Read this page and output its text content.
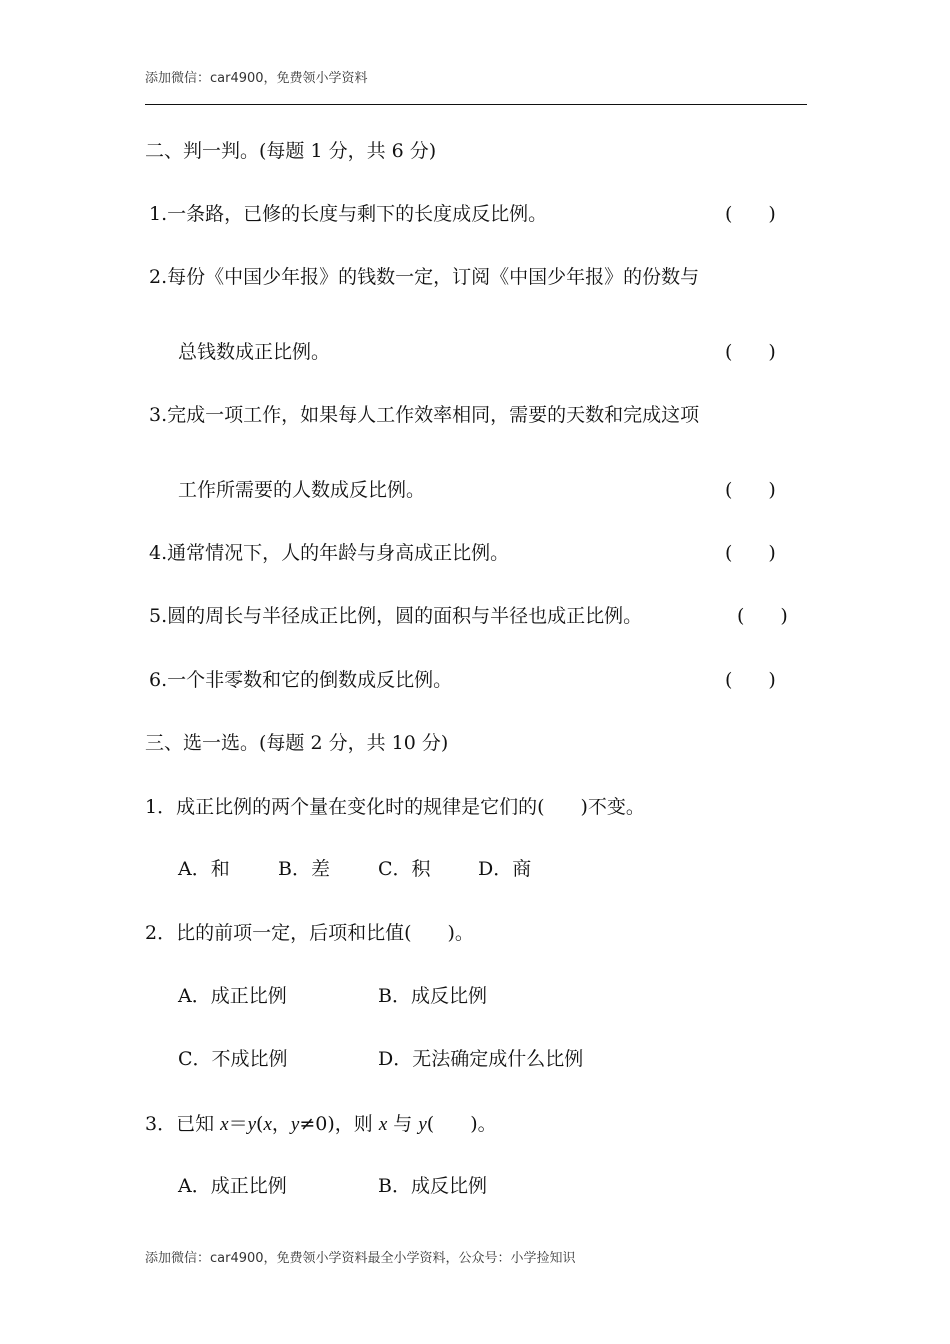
添加微信：car4900，免费领小学资料
二、判一判。(每题 1 分，共 6 分)
1.一条路，已修的长度与剩下的长度成反比例。	( )
2.每份《中国少年报》的钱数一定，订阅《中国少年报》的份数与
总钱数成正比例。	( )
3.完成一项工作，如果每人工作效率相同，需要的天数和完成这项
工作所需要的人数成反比例。	( )
4.通常情况下，人的年龄与身高成正比例。	( )
5.圆的周长与半径成正比例，圆的面积与半径也成正比例。	( )
6.一个非零数和它的倒数成反比例。	( )
三、选一选。(每题 2 分，共 10 分)
1．成正比例的两个量在变化时的规律是它们的( )不变。
A．和	B．差	C．积 D．商
2．比的前项一定，后项和比值( )。
A．成正比例	B．成反比例
C．不成比例	D．无法确定成什么比例
3．已知 x＝y(x，y≠0)，则 x 与 y( )。
A．成正比例	B．成反比例
添加微信：car4900，免费领小学资料最全小学资料，公众号：小学捡知识
